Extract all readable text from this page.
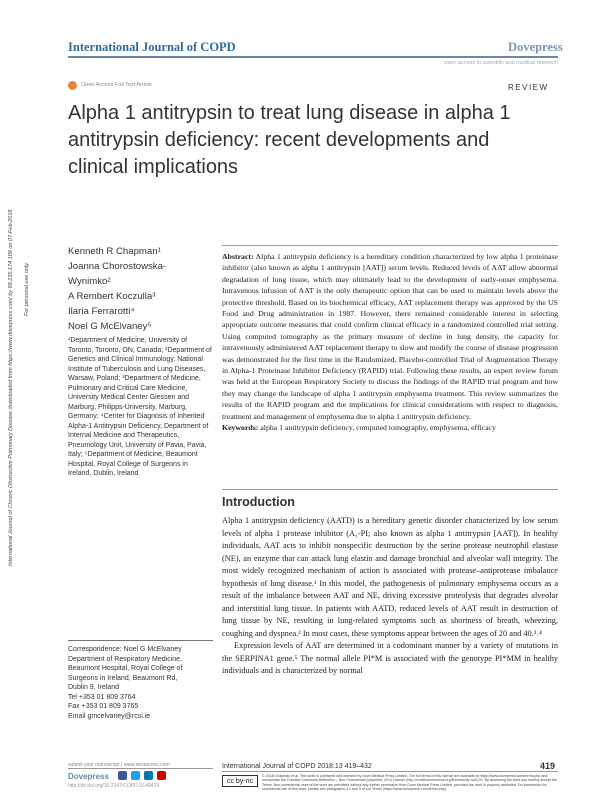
International Journal of COPD	Dovepress
open access to scientific and medical research
Open Access Full Text Article	REVIEW
Alpha 1 antitrypsin to treat lung disease in alpha 1 antitrypsin deficiency: recent developments and clinical implications
International Journal of Chronic Obstructive Pulmonary Disease downloaded from https://www.dovepress.com/ by 89.235.174.188 on 07-Feb-2018 For personal use only.
Kenneth R Chapman¹
Joanna Chorostowska-
Wynimko²
A Rembert Koczulla³
Ilaria Ferrarotti⁴
Noel G McElvaney⁵
¹Department of Medicine, University of Toronto, Toronto, ON, Canada; ²Department of Genetics and Clinical Immunology, National Institute of Tuberculosis and Lung Diseases, Warsaw, Poland; ³Department of Medicine, Pulmonary and Critical Care Medicine, University Medical Center Giessen and Marburg, Philipps-University, Marburg, Germany; ⁴Center for Diagnosis of Inherited Alpha-1 Antitrypsin Deficiency, Department of Internal Medicine and Therapeutics, Pneumology Unit, University of Pavia, Pavia, Italy; ⁵Department of Medicine, Beaumont Hospital, Royal College of Surgeons in Ireland, Dublin, Ireland
Correspondence: Noel G McElvaney
Department of Respiratory Medicine,
Beaumont Hospital, Royal College of
Surgeons in Ireland, Beaumont Rd,
Dublin 9, Ireland
Tel +353 01 809 3764
Fax +353 01 809 3765
Email gmcelvaney@rcsi.ie
Abstract: Alpha 1 antitrypsin deficiency is a hereditary condition characterized by low alpha 1 proteinase inhibitor (also known as alpha 1 antitrypsin [AAT]) serum levels. Reduced levels of AAT allow abnormal degradation of lung tissue, which may ultimately lead to the development of early-onset emphysema. Intravenous infusion of AAT is the only therapeutic option that can be used to maintain levels above the protective threshold. Based on its biochemical efficacy, AAT replacement therapy was approved by the US Food and Drug administration in 1987. However, there remained considerable interest in selecting appropriate outcome measures that could confirm clinical efficacy in a randomized controlled trial setting. Using computed tomography as the primary measure of decline in lung density, the capacity for intravenously administered AAT replacement therapy to slow and modify the course of disease progression was demonstrated for the first time in the Randomized, Placebo-controlled Trial of Augmentation Therapy in Alpha-1 Proteinase Inhibitor Deficiency (RAPID) trial. Following these results, an expert review forum was held at the European Respiratory Society to discuss the findings of the RAPID trial program and how they may change the landscape of alpha 1 antitrypsin emphysema treatment. This review summarizes the results of the RAPID program and the implications for clinical considerations with respect to diagnosis, treatment and management of emphysema due to alpha 1 antitrypsin deficiency.
Keywords: alpha 1 antitrypsin deficiency, computed tomography, emphysema, efficacy
Introduction
Alpha 1 antitrypsin deficiency (AATD) is a hereditary genetic disorder characterized by low serum levels of alpha 1 protease inhibitor (A₁-PI; also known as alpha 1 antitrypsin [AAT]). In healthy individuals, AAT acts to inhibit nonspecific destruction by the serine protease neutrophil elastase (NE), an enzyme that can attack lung elastin and damage bronchial and alveolar wall integrity. The most widely recognized mechanism of action is associated with protease–antiprotease imbalance hypothesis of lung disease.¹ In this model, the pathogenesis of pulmonary emphysema occurs as a result of the imbalance between AAT and NE, driving excessive proteolysis that degrades alveolar and interstitial lung tissue. In patients with AATD, reduced levels of AAT result in destruction of lung tissue by NE, resulting in lung-related symptoms such as shortness of breath, wheezing, coughing and dyspnea.² In most cases, these symptoms appear between the ages of 20 and 40.³˒⁴
Expression levels of AAT are determined in a codominant manner by a variety of mutations in the SERPINA1 gene.⁵ The normal allele PI*M is associated with the genotype PI*MM in healthy individuals and is characterized by normal
submit your manuscript | www.dovepress.com
Dovepress
http://dx.doi.org/10.2147/COPD.S149429
International Journal of COPD 2018:13 419–432	419
cc by-nc
© 2018 Chapman et al. This work is published and licensed by Dove Medical Press Limited. The full terms of this license are available at https://www.dovepress.com/terms.php and incorporate the Creative Commons Attribution – Non Commercial (unported, v3.0) License (http://creativecommons.org/licenses/by-nc/3.0/). By accessing the work you hereby accept the Terms. Non-commercial uses of the work are permitted without any further permission from Dove Medical Press Limited, provided the work is properly attributed. For permission for commercial use of this work, please see paragraphs 4.2 and 5 of our Terms (https://www.dovepress.com/terms.php).
